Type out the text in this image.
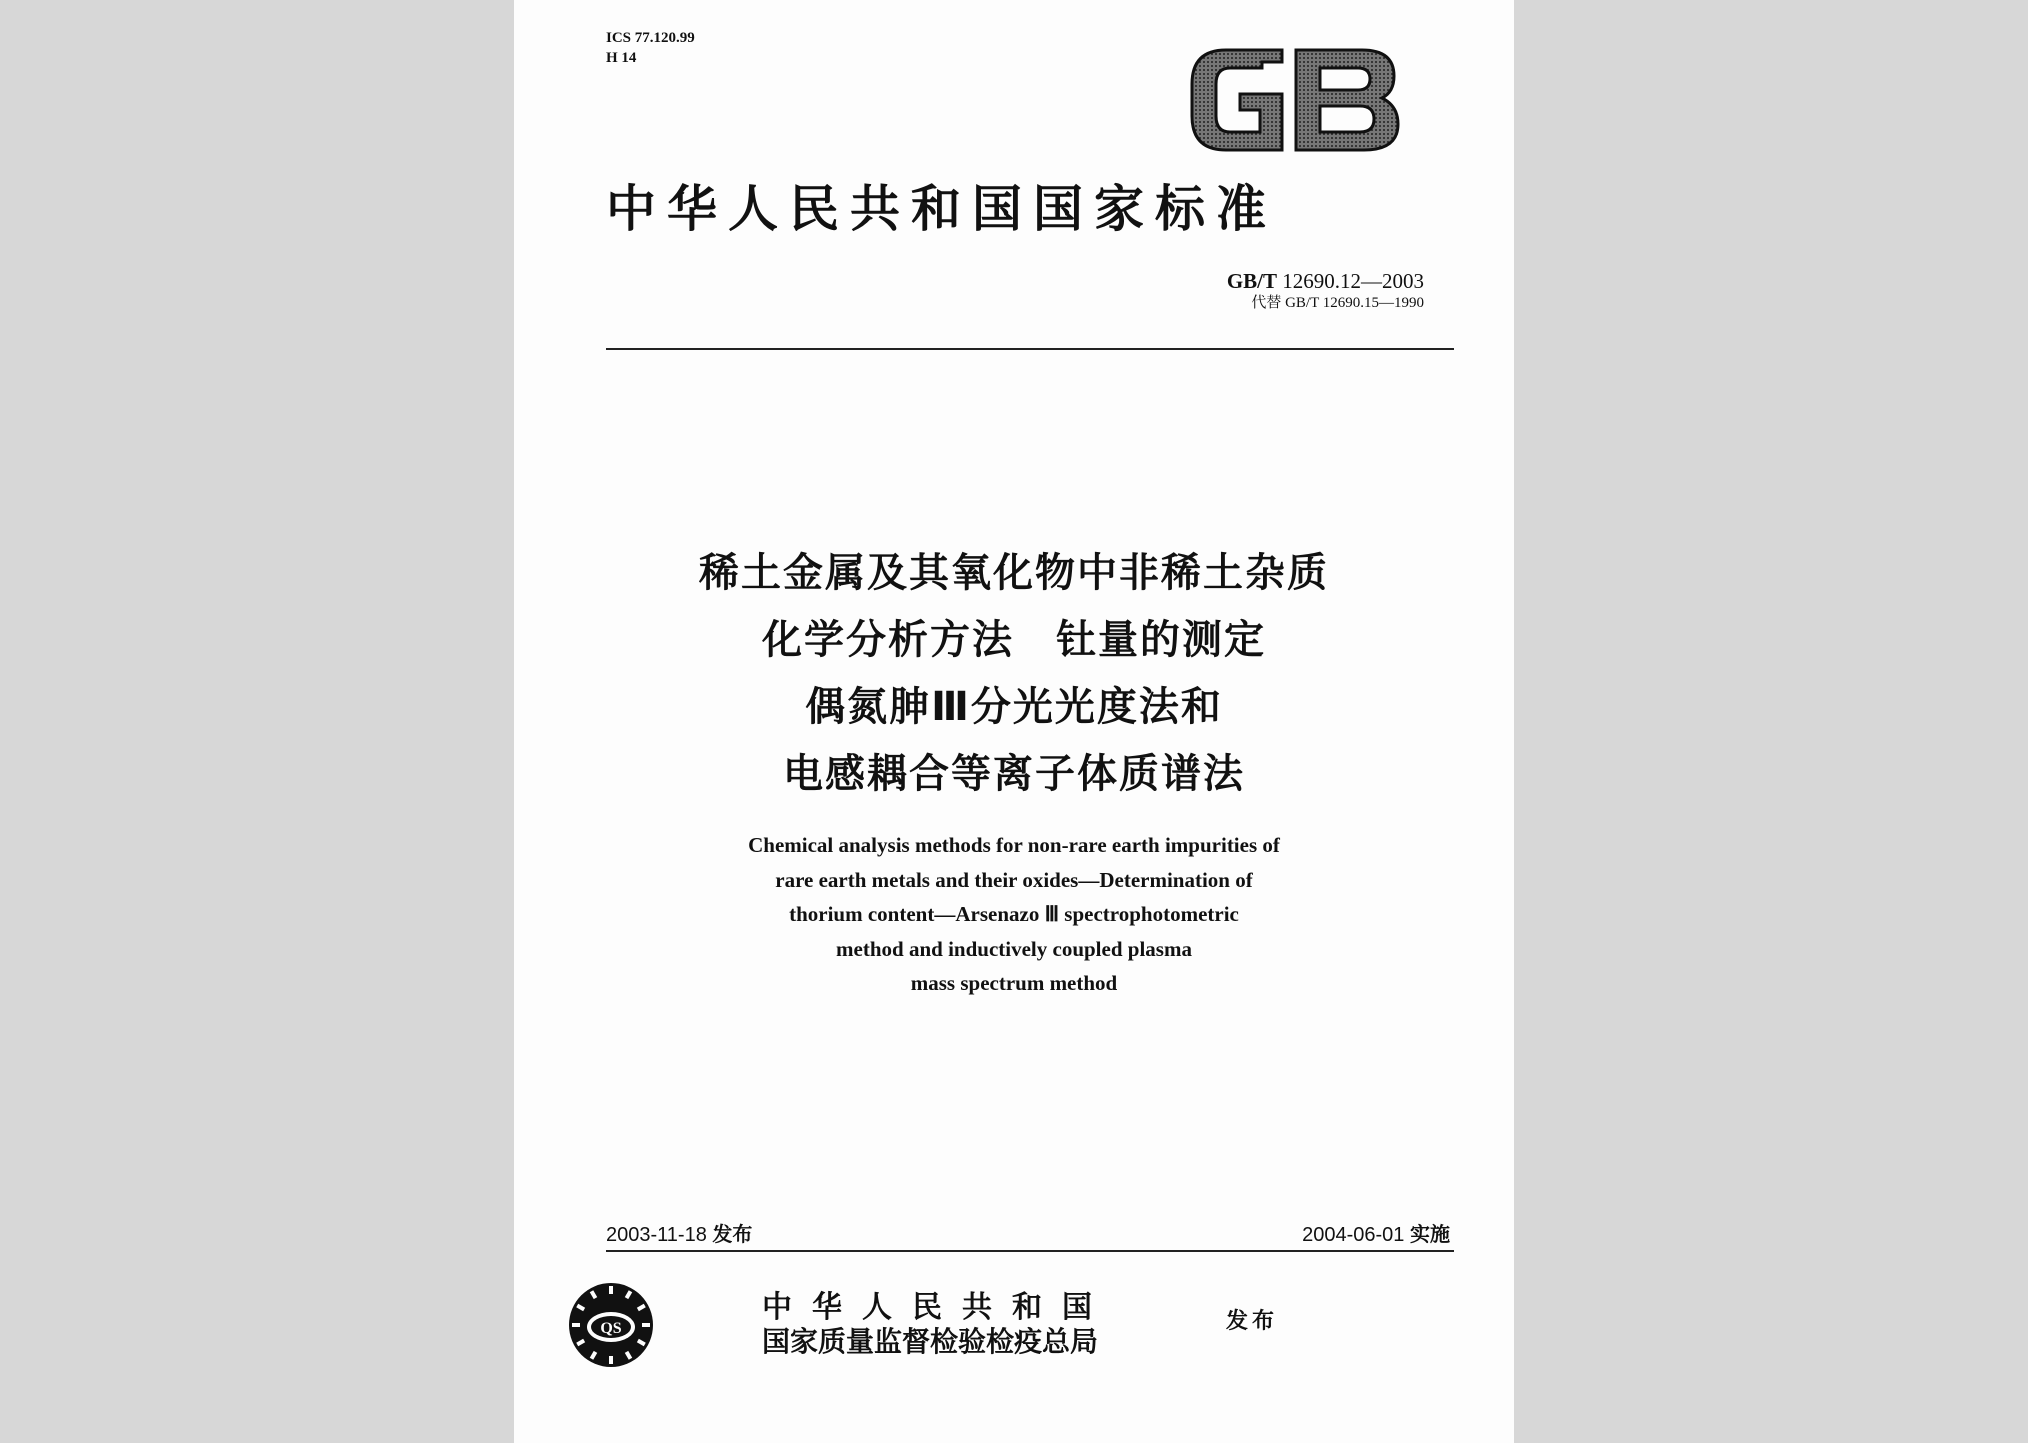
ICS 77.120.99
H 14
GB
中华人民共和国国家标准
GB/T 12690.12—2003
代替 GB/T 12690.15—1990
稀土金属及其氧化物中非稀土杂质
化学分析方法　钍量的测定
偶氮胂Ⅲ分光光度法和
电感耦合等离子体质谱法
Chemical analysis methods for non-rare earth impurities of
rare earth metals and their oxides—Determination of
thorium content—Arsenazo Ⅲ spectrophotometric
method and inductively coupled plasma
mass spectrum method
2003-11-18 发布	2004-06-01 实施
QS
中华人民共和国
国家质量监督检验检疫总局
发布
